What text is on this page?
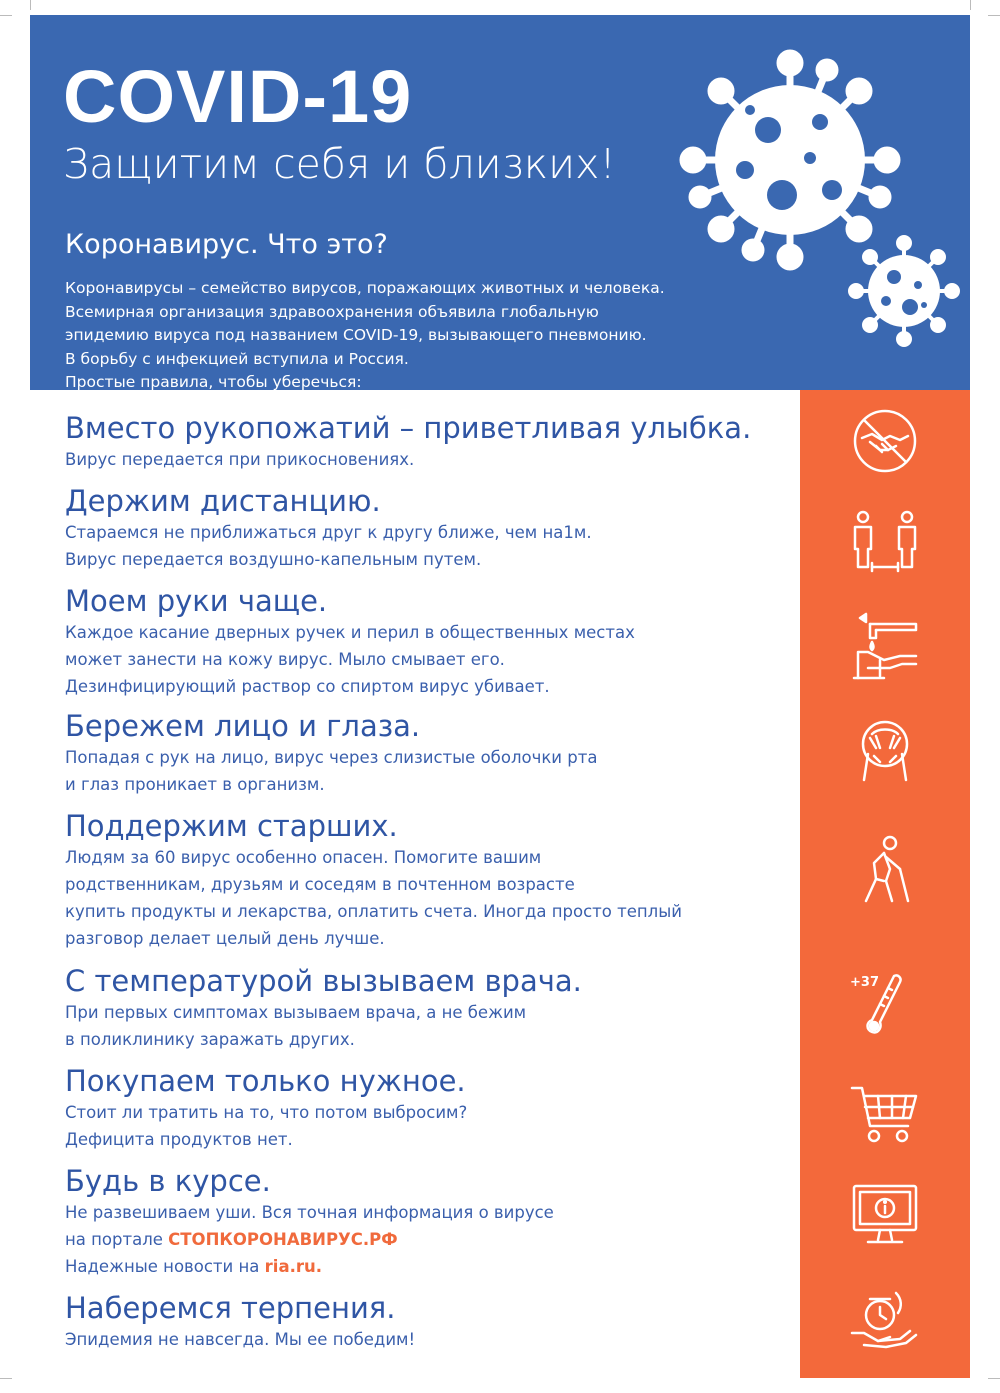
COVID-19
Защитим себя и близких!
Коронавирус. Что это?

Коронавирусы – семейство вирусов, поражающих животных и человека.

Всемирная организация здравоохранения объявила глобальную

эпидемию вируса под названием COVID-19, вызывающего пневмонию.

В борьбу с инфекцией вступила и Россия.

Простые правила, чтобы уберечься:

Вместо рукопожатий – приветливая улыбка.

Вирус передается при прикосновениях.

Держим дистанцию.

Стараемся не приближаться друг к другу ближе, чем на1м.

Вирус передается воздушно-капельным путем.

Моем руки чаще.

Каждое касание дверных ручек и перил в общественных местах

может занести на кожу вирус. Мыло смывает его.

Дезинфицирующий раствор со спиртом вирус убивает.

Бережем лицо и глаза.

Попадая с рук на лицо, вирус через слизистые оболочки рта

и глаз проникает в организм.

Поддержим старших.

Людям за 60 вирус особенно опасен. Помогите вашим

родственникам, друзьям и соседям в почтенном возрасте

купить продукты и лекарства, оплатить счета. Иногда просто теплый

разговор делает целый день лучше.

С температурой вызываем врача.

При первых симптомах вызываем врача, а не бежим

в поликлинику заражать других.

Покупаем только нужное.

Стоит ли тратить на то, что потом выбросим?

Дефицита продуктов нет.

Будь в курсе.

Не развешиваем уши. Вся точная информация о вирусе

на портале СТОПКОРОНАВИРУС.РФ

Надежные новости на ria.ru.

Наберемся терпения.

Эпидемия не навсегда. Мы ее победим!

+37
